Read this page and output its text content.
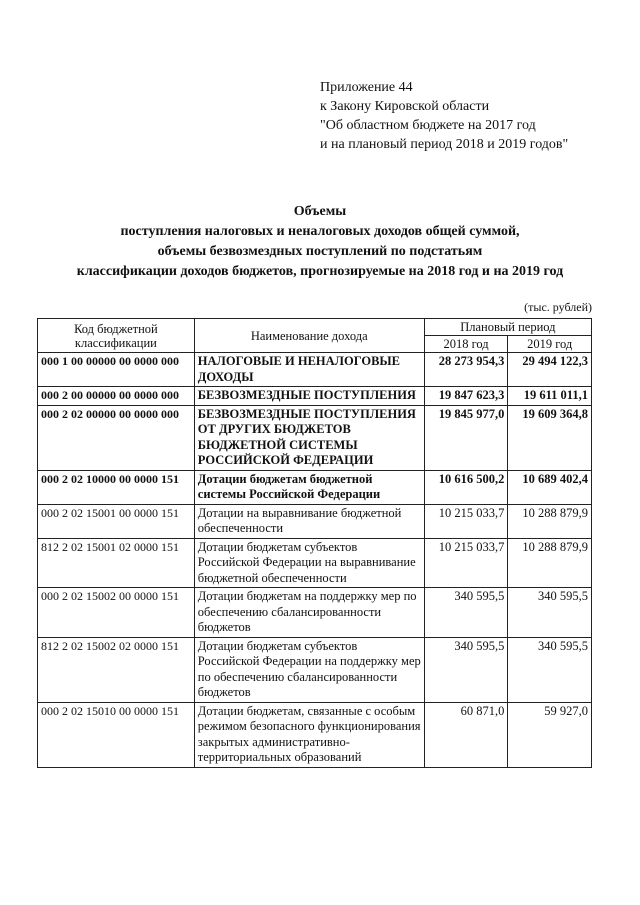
Приложение 44
к Закону Кировской области
"Об областном бюджете на 2017 год
и на плановый период 2018 и 2019 годов"
Объемы
поступления налоговых и неналоговых доходов общей суммой,
объемы безвозмездных поступлений по подстатьям
классификации доходов бюджетов, прогнозируемые на 2018 год и на 2019 год
(тыс. рублей)
Код бюджетной классификации	Наименование дохода	Плановый период	
		2018 год	2019 год
000 1 00 00000 00 0000 000	НАЛОГОВЫЕ И НЕНАЛОГОВЫЕ ДОХОДЫ	28 273 954,3	29 494 122,3
000 2 00 00000 00 0000 000	БЕЗВОЗМЕЗДНЫЕ ПОСТУПЛЕНИЯ	19 847 623,3	19 611 011,1
000 2 02 00000 00 0000 000	БЕЗВОЗМЕЗДНЫЕ ПОСТУПЛЕНИЯ ОТ ДРУГИХ БЮДЖЕТОВ БЮДЖЕТНОЙ СИСТЕМЫ РОССИЙСКОЙ ФЕДЕРАЦИИ	19 845 977,0	19 609 364,8
000 2 02 10000 00 0000 151	Дотации бюджетам бюджетной системы Российской Федерации	10 616 500,2	10 689 402,4
000 2 02 15001 00 0000 151	Дотации на выравнивание бюджетной обеспеченности	10 215 033,7	10 288 879,9
812 2 02 15001 02 0000 151	Дотации бюджетам субъектов Российской Федерации на выравнивание бюджетной обеспеченности	10 215 033,7	10 288 879,9
000 2 02 15002 00 0000 151	Дотации бюджетам на поддержку мер по обеспечению сбалансированности бюджетов	340 595,5	340 595,5
812 2 02 15002 02 0000 151	Дотации бюджетам субъектов Российской Федерации на поддержку мер по обеспечению сбалансированности бюджетов	340 595,5	340 595,5
000 2 02 15010 00 0000 151	Дотации бюджетам, связанные с особым режимом безопасного функционирования закрытых административно-территориальных образований	60 871,0	59 927,0
